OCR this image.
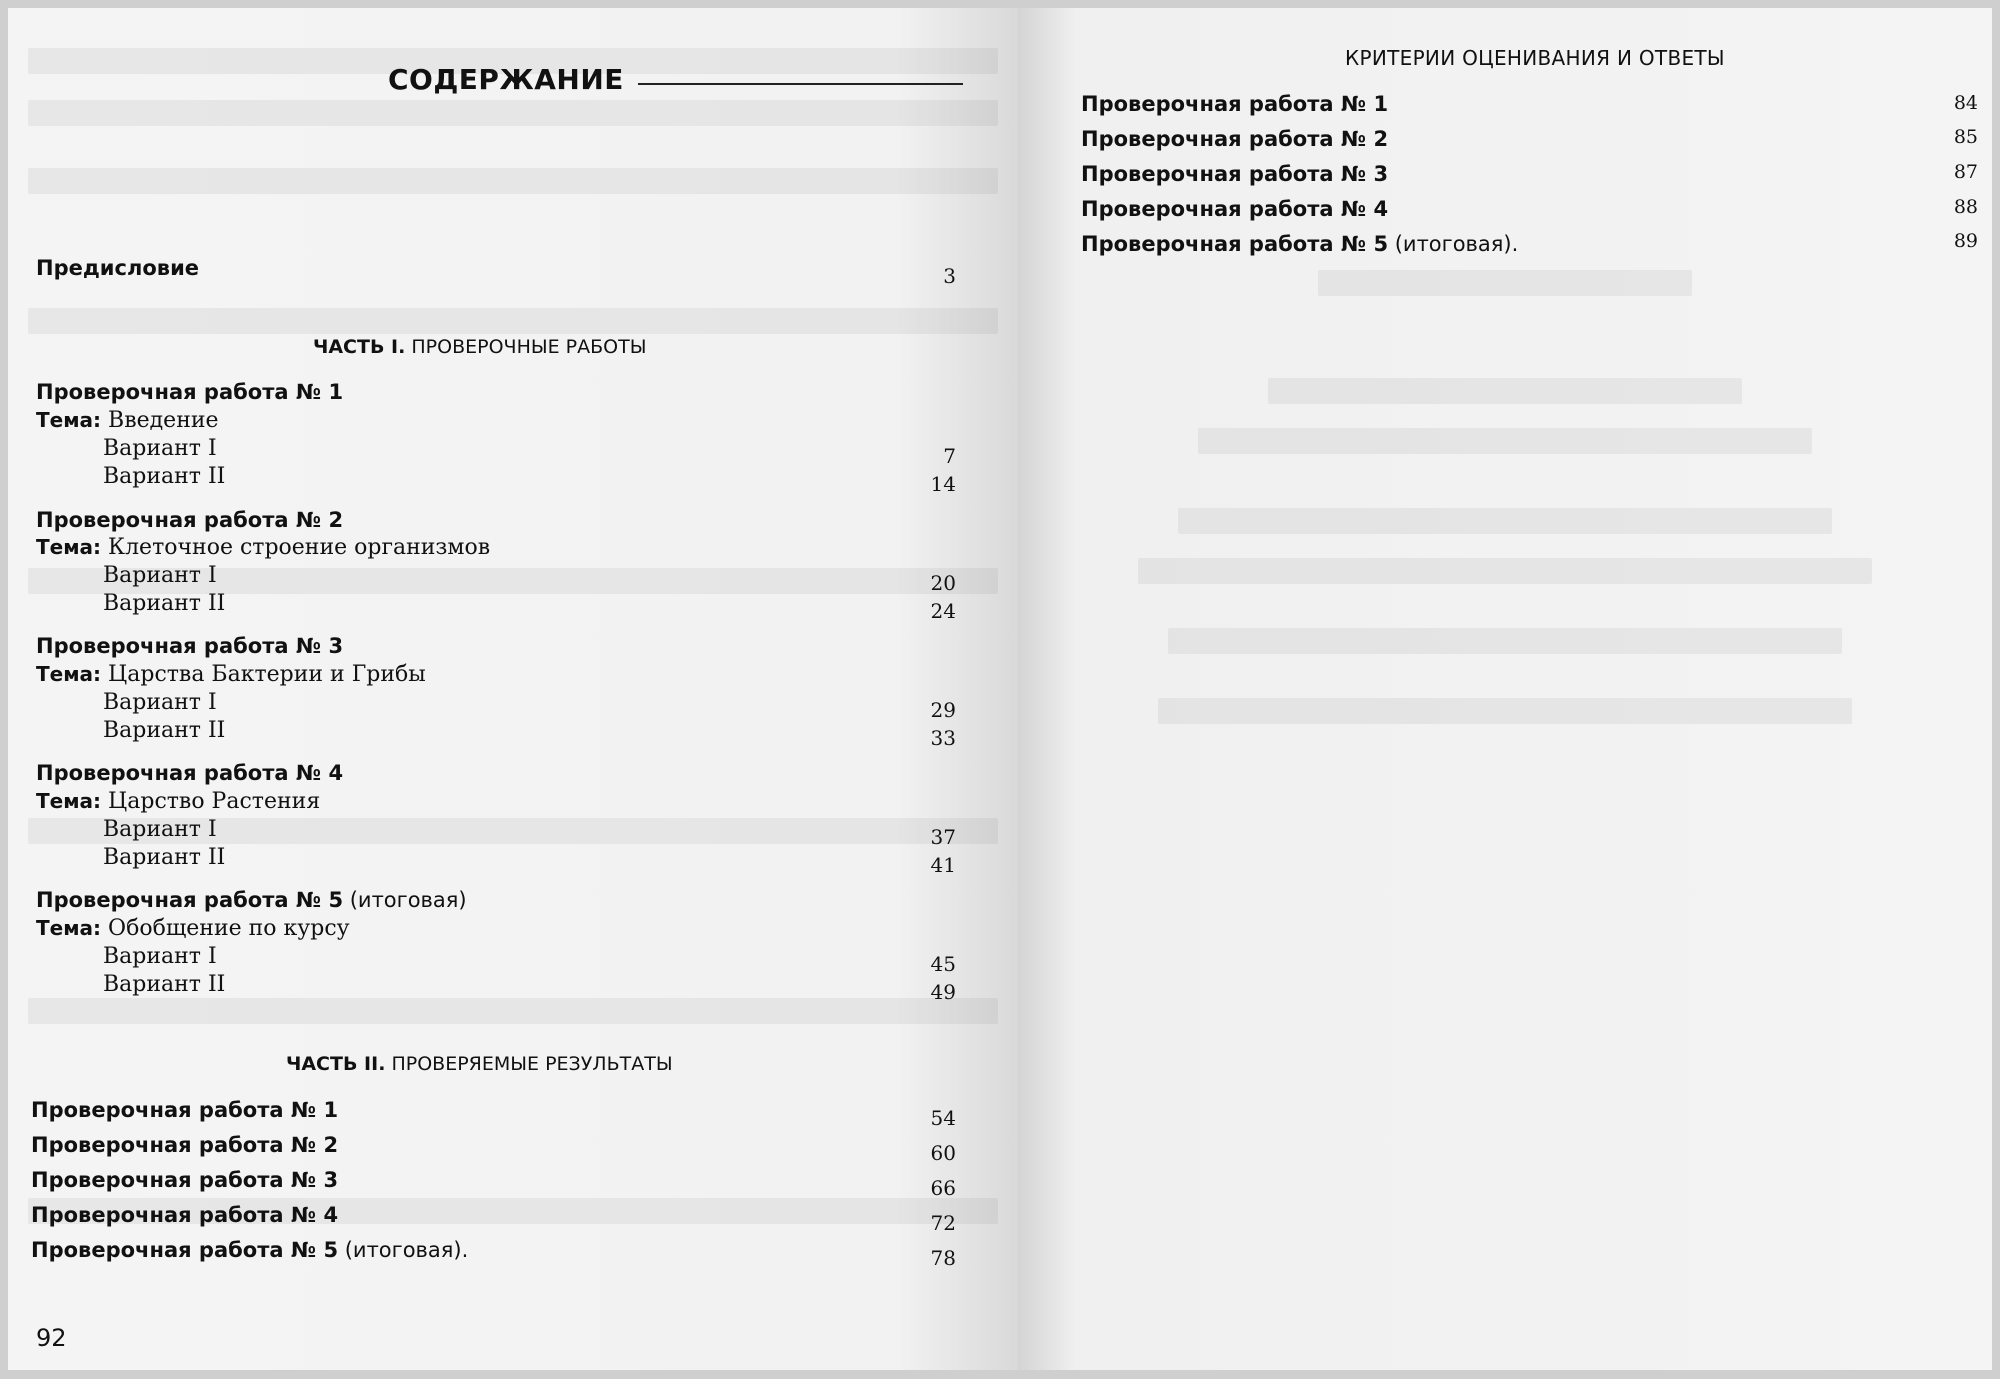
СОДЕРЖАНИЕ
Предисловие	3
ЧАСТЬ I. ПРОВЕРОЧНЫЕ РАБОТЫ
Проверочная работа № 1
Тема: Введение
Вариант I	7
Вариант II	14
Проверочная работа № 2
Тема: Клеточное строение организмов
Вариант I	20
Вариант II	24
Проверочная работа № 3
Тема: Царства Бактерии и Грибы
Вариант I	29
Вариант II	33
Проверочная работа № 4
Тема: Царство Растения
Вариант I	37
Вариант II	41
Проверочная работа № 5 (итоговая)
Тема: Обобщение по курсу
Вариант I	45
Вариант II	49
ЧАСТЬ II. ПРОВЕРЯЕМЫЕ РЕЗУЛЬТАТЫ
Проверочная работа № 1	54
Проверочная работа № 2	60
Проверочная работа № 3	66
Проверочная работа № 4	72
Проверочная работа № 5 (итоговая).	78
92
КРИТЕРИИ ОЦЕНИВАНИЯ И ОТВЕТЫ
Проверочная работа № 1	84
Проверочная работа № 2	85
Проверочная работа № 3	87
Проверочная работа № 4	88
Проверочная работа № 5 (итоговая).	89
